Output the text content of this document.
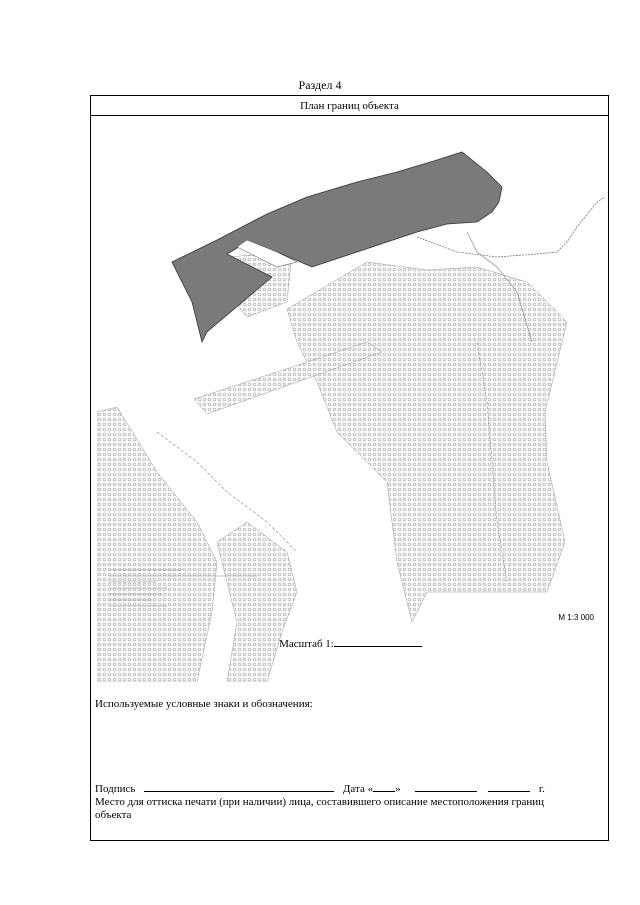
Раздел 4
План границ объекта
М 1:3 000
Масштаб 1:
Используемые условные знаки и обозначения:
Подпись	Дата « »	г.
Место для оттиска печати (при наличии) лица, составившего описание местоположения границ объекта
